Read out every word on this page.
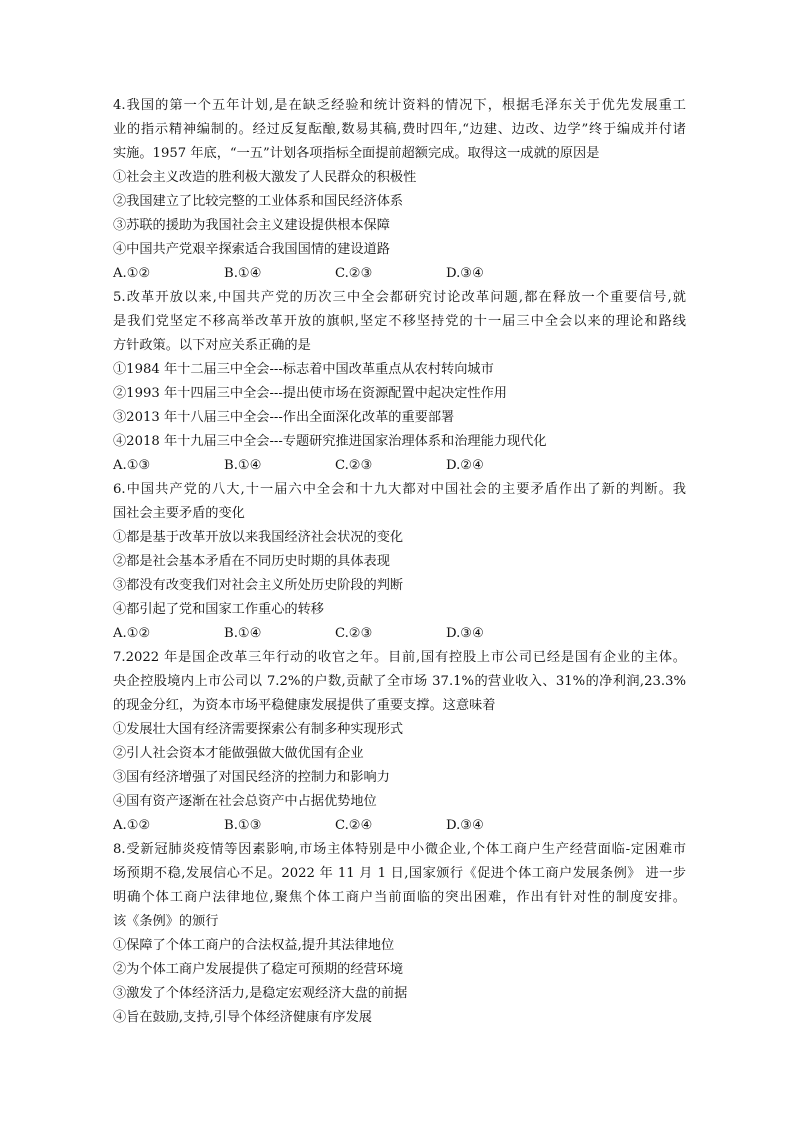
4.我国的第一个五年计划,是在缺乏经验和统计资料的情况下，根据毛泽东关于优先发展重工
业的指示精神编制的。经过反复酝酿,数易其稿,费时四年,“边建、边改、边学”终于编成并付诸
实施。1957 年底，“一五”计划各项指标全面提前超额完成。取得这一成就的原因是
①社会主义改造的胜利极大激发了人民群众的积极性
②我国建立了比较完整的工业体系和国民经济体系
③苏联的援助为我国社会主义建设提供根本保障
④中国共产党艰辛探索适合我国国情的建设道路
A.①②	B.①④	C.②③	D.③④
5.改革开放以来,中国共产党的历次三中全会都研究讨论改革问题,都在释放一个重要信号,就
是我们党坚定不移高举改革开放的旗帜,坚定不移坚持党的十一届三中全会以来的理论和路线
方针政策。以下对应关系正确的是
①1984 年十二届三中全会---标志着中国改革重点从农村转向城市
②1993 年十四届三中全会---提出使市场在资源配置中起决定性作用
③2013 年十八届三中全会---作出全面深化改革的重要部署
④2018 年十九届三中全会---专题研究推进国家治理体系和治理能力现代化
A.①③	B.①④	C.②③	D.②④
6.中国共产党的八大,十一届六中全会和十九大都对中国社会的主要矛盾作出了新的判断。我
国社会主要矛盾的变化
①都是基于改革开放以来我国经济社会状况的变化
②都是社会基本矛盾在不同历史时期的具体表现
③都没有改变我们对社会主义所处历史阶段的判断
④都引起了党和国家工作重心的转移
A.①②	B.①④	C.②③	D.③④
7.2022 年是国企改革三年行动的收官之年。目前,国有控股上市公司已经是国有企业的主体。
央企控股境内上市公司以 7.2%的户数,贡献了全市场 37.1%的营业收入、31%的净利润,23.3%
的现金分红，为资本市场平稳健康发展提供了重要支撑。这意味着
①发展壮大国有经济需要探索公有制多种实现形式
②引人社会资本才能做强做大做优国有企业
③国有经济增强了对国民经济的控制力和影响力
④国有资产逐渐在社会总资产中占据优势地位
A.①②	B.①③	C.②④	D.③④
8.受新冠肺炎疫情等因素影响,市场主体特别是中小微企业,个体工商户生产经营面临-定困难市
场预期不稳,发展信心不足。2022 年 11 月 1 日,国家颁行《促进个体工商户发展条例》 进一步
明确个体工商户法律地位,聚焦个体工商户当前面临的突出困难，作出有针对性的制度安排。
该《条例》的颁行
①保障了个体工商户的合法权益,提升其法律地位
②为个体工商户发展提供了稳定可预期的经营环境
③激发了个体经济活力,是稳定宏观经济大盘的前据
④旨在鼓励,支持,引导个体经济健康有序发展
